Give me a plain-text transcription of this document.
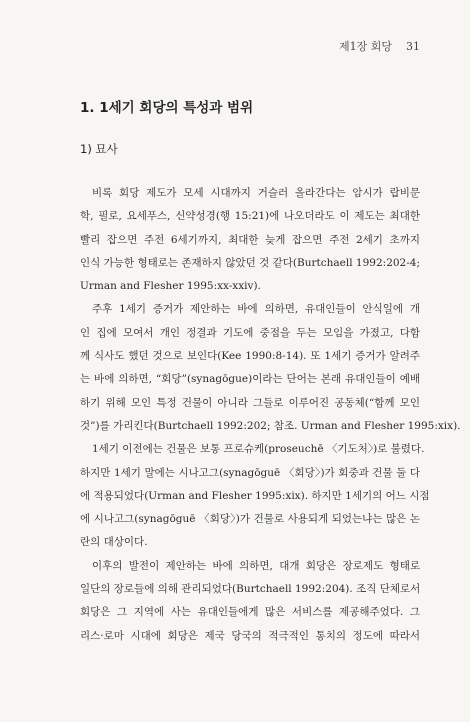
제1장 회당 31
1. 1세기 회당의 특성과 범위
1) 묘사
비록 회당 제도가 모세 시대까지 거슬러 올라간다는 암시가 랍비문
학, 필로, 요세푸스, 신약성경(행 15:21)에 나오더라도 이 제도는 최대한
빨리 잡으면 주전 6세기까지, 최대한 늦게 잡으면 주전 2세기 초까지
인식 가능한 형태로는 존재하지 않았던 것 같다(Burtchaell 1992:202-4;
Urman and Flesher 1995:xx-xxiv).
주후 1세기 증거가 제안하는 바에 의하면, 유대인들이 안식일에 개
인 집에 모여서 개인 정결과 기도에 중점을 두는 모임을 가졌고, 다함
께 식사도 했던 것으로 보인다(Kee 1990:8-14). 또 1세기 증거가 알려주
는 바에 의하면, “회당”(synagōgue)이라는 단어는 본래 유대인들이 예배
하기 위해 모인 특정 건물이 아니라 그들로 이루어진 공동체(“함께 모인
것”)를 가리킨다(Burtchaell 1992:202; 참조. Urman and Flesher 1995:xix).
1세기 이전에는 건물은 보통 프로슈케(proseuchē 〈기도처〉)로 불렸다.
하지만 1세기 말에는 시나고그(synagōguē 〈회당〉)가 회중과 건물 둘 다
에 적용되었다(Urman and Flesher 1995:xix). 하지만 1세기의 어느 시점
에 시나고그(synagōguē 〈회당〉)가 건물로 사용되게 되었는냐는 많은 논
란의 대상이다.
이후의 발전이 제안하는 바에 의하면, 대개 회당은 장로제도 형태로
일단의 장로들에 의해 관리되었다(Burtchaell 1992:204). 조직 단체로서
회당은 그 지역에 사는 유대인들에게 많은 서비스를 제공해주었다. 그
리스·로마 시대에 회당은 제국 당국의 적극적인 통치의 정도에 따라서
